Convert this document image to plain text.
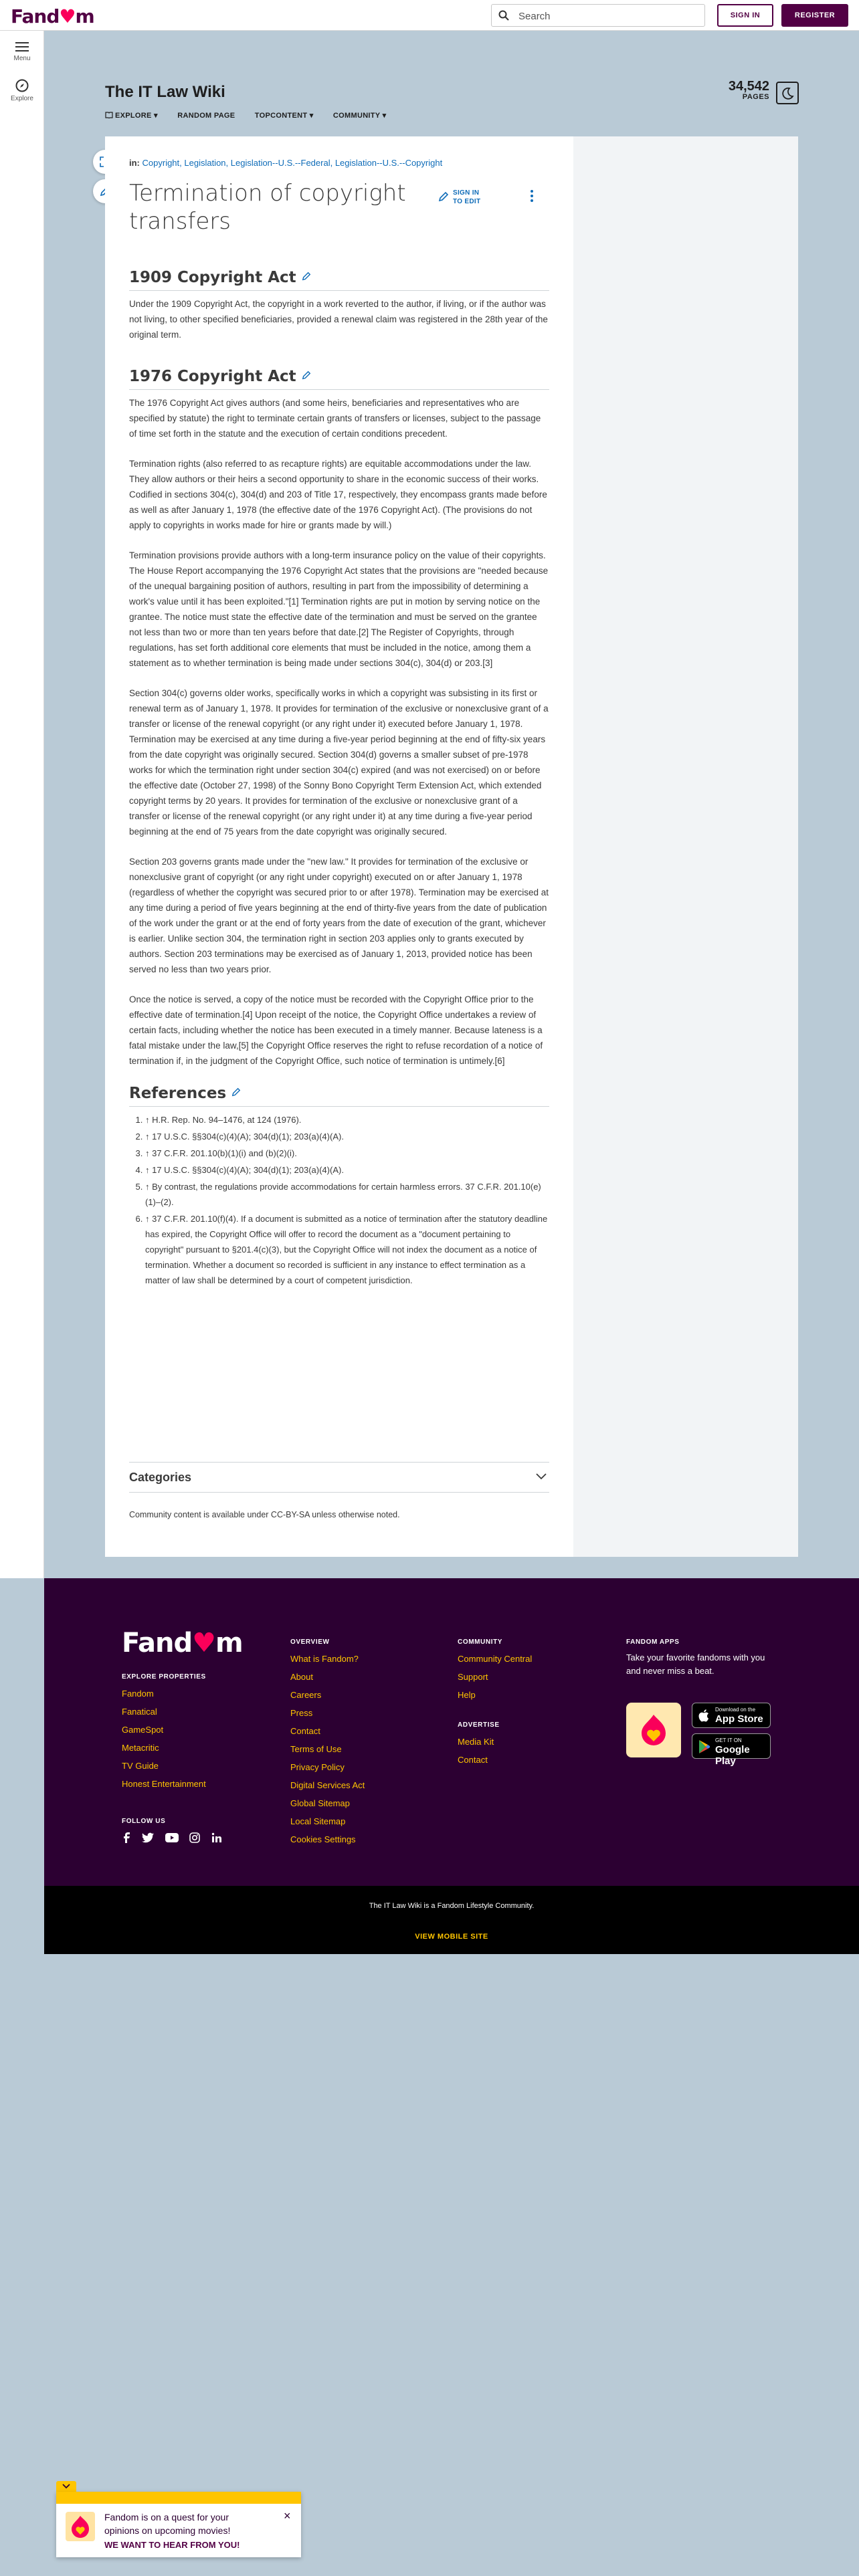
Fand♥m	Search	SIGN IN	REGISTER
Menu
Explore	The IT Law Wiki
EXPLORE ▾	RANDOM PAGE	TOPCONTENT ▾	COMMUNITY ▾
34,542
PAGES
in: Copyright, Legislation, Legislation--U.S.--Federal, Legislation--U.S.--Copyright
Termination of copyright transfers
SIGN IN
TO EDIT
1909 Copyright Act

Under the 1909 Copyright Act, the copyright in a work reverted to the author, if living, or if the author was not living, to other specified beneficiaries, provided a renewal claim was registered in the 28th year of the original term.

1976 Copyright Act

The 1976 Copyright Act gives authors (and some heirs, beneficiaries and representatives who are specified by statute) the right to terminate certain grants of transfers or licenses, subject to the passage of time set forth in the statute and the execution of certain conditions precedent.

Termination rights (also referred to as recapture rights) are equitable accommodations under the law. They allow authors or their heirs a second opportunity to share in the economic success of their works. Codified in sections 304(c), 304(d) and 203 of Title 17, respectively, they encompass grants made before as well as after January 1, 1978 (the effective date of the 1976 Copyright Act). (The provisions do not apply to copyrights in works made for hire or grants made by will.)

Termination provisions provide authors with a long-term insurance policy on the value of their copyrights. The House Report accompanying the 1976 Copyright Act states that the provisions are "needed because of the unequal bargaining position of authors, resulting in part from the impossibility of determining a work's value until it has been exploited."[1] Termination rights are put in motion by serving notice on the grantee. The notice must state the effective date of the termination and must be served on the grantee not less than two or more than ten years before that date.[2] The Register of Copyrights, through regulations, has set forth additional core elements that must be included in the notice, among them a statement as to whether termination is being made under sections 304(c), 304(d) or 203.[3]

Section 304(c) governs older works, specifically works in which a copyright was subsisting in its first or renewal term as of January 1, 1978. It provides for termination of the exclusive or nonexclusive grant of a transfer or license of the renewal copyright (or any right under it) executed before January 1, 1978. Termination may be exercised at any time during a five-year period beginning at the end of fifty-six years from the date copyright was originally secured. Section 304(d) governs a smaller subset of pre-1978 works for which the termination right under section 304(c) expired (and was not exercised) on or before the effective date (October 27, 1998) of the Sonny Bono Copyright Term Extension Act, which extended copyright terms by 20 years. It provides for termination of the exclusive or nonexclusive grant of a transfer or license of the renewal copyright (or any right under it) at any time during a five-year period beginning at the end of 75 years from the date copyright was originally secured.

Section 203 governs grants made under the "new law." It provides for termination of the exclusive or nonexclusive grant of copyright (or any right under copyright) executed on or after January 1, 1978 (regardless of whether the copyright was secured prior to or after 1978). Termination may be exercised at any time during a period of five years beginning at the end of thirty-five years from the date of publication of the work under the grant or at the end of forty years from the date of execution of the grant, whichever is earlier. Unlike section 304, the termination right in section 203 applies only to grants executed by authors. Section 203 terminations may be exercised as of January 1, 2013, provided notice has been served no less than two years prior.

Once the notice is served, a copy of the notice must be recorded with the Copyright Office prior to the effective date of termination.[4] Upon receipt of the notice, the Copyright Office undertakes a review of certain facts, including whether the notice has been executed in a timely manner. Because lateness is a fatal mistake under the law,[5] the Copyright Office reserves the right to refuse recordation of a notice of termination if, in the judgment of the Copyright Office, such notice of termination is untimely.[6]

References
1. ↑ H.R. Rep. No. 94–1476, at 124 (1976).
2. ↑ 17 U.S.C. §§304(c)(4)(A); 304(d)(1); 203(a)(4)(A).
3. ↑ 37 C.F.R. 201.10(b)(1)(i) and (b)(2)(i).
4. ↑ 17 U.S.C. §§304(c)(4)(A); 304(d)(1); 203(a)(4)(A).
5. ↑ By contrast, the regulations provide accommodations for certain harmless errors. 37 C.F.R. 201.10(e)(1)–(2).
6. ↑ 37 C.F.R. 201.10(f)(4). If a document is submitted as a notice of termination after the statutory deadline has expired, the Copyright Office will offer to record the document as a "document pertaining to copyright" pursuant to §201.4(c)(3), but the Copyright Office will not index the document as a notice of termination. Whether a document so recorded is sufficient in any instance to effect termination as a matter of law shall be determined by a court of competent jurisdiction.
Categories
Community content is available under CC-BY-SA unless otherwise noted.
Fand♥m
EXPLORE PROPERTIES
Fandom
Fanatical
GameSpot
Metacritic
TV Guide
Honest Entertainment
FOLLOW US

OVERVIEW
What is Fandom?
About
Careers
Press
Contact
Terms of Use
Privacy Policy
Digital Services Act
Global Sitemap
Local Sitemap
Cookies Settings
COMMUNITY
Community Central
Support
Help
ADVERTISE
Media Kit
Contact
FANDOM APPS
Take your favorite fandoms with you and never miss a beat.
Download on the
App Store
GET IT ON
Google Play
The IT Law Wiki is a Fandom Lifestyle Community.
VIEW MOBILE SITE
Fandom is on a quest for your opinions on upcoming movies!
WE WANT TO HEAR FROM YOU!
×
